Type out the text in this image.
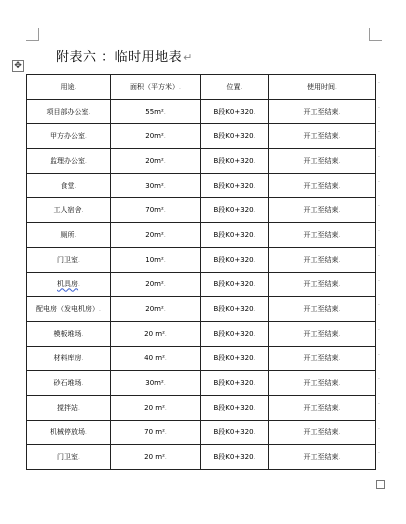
✥
附表六 ：临时用地表↵
用途.	面积（平方米）.	位置.	使用时间.
项目部办公室.	55m².	B段K0+320.	开工至结束.
甲方办公室.	20m².	B段K0+320.	开工至结束.
监理办公室.	20m².	B段K0+320.	开工至结束.
食堂.	30m².	B段K0+320.	开工至结束.
工人宿舍.	70m².	B段K0+320.	开工至结束.
厕所.	20m².	B段K0+320.	开工至结束.
门卫室.	10m².	B段K0+320.	开工至结束.
机具房.	20m².	B段K0+320.	开工至结束.
配电房（发电机房）.	20m².	B段K0+320.	开工至结束.
模板堆场.	20 m².	B段K0+320.	开工至结束.
材料库房.	40 m².	B段K0+320.	开工至结束.
砂石堆场.	30m².	B段K0+320.	开工至结束.
搅拌站.	20 m².	B段K0+320.	开工至结束.
机械停放场.	70 m².	B段K0+320.	开工至结束.
门卫室.	20 m².	B段K0+320.	开工至结束.
.
.
.
.
.
.
.
.
.
.
.
.
.
.
.
.
